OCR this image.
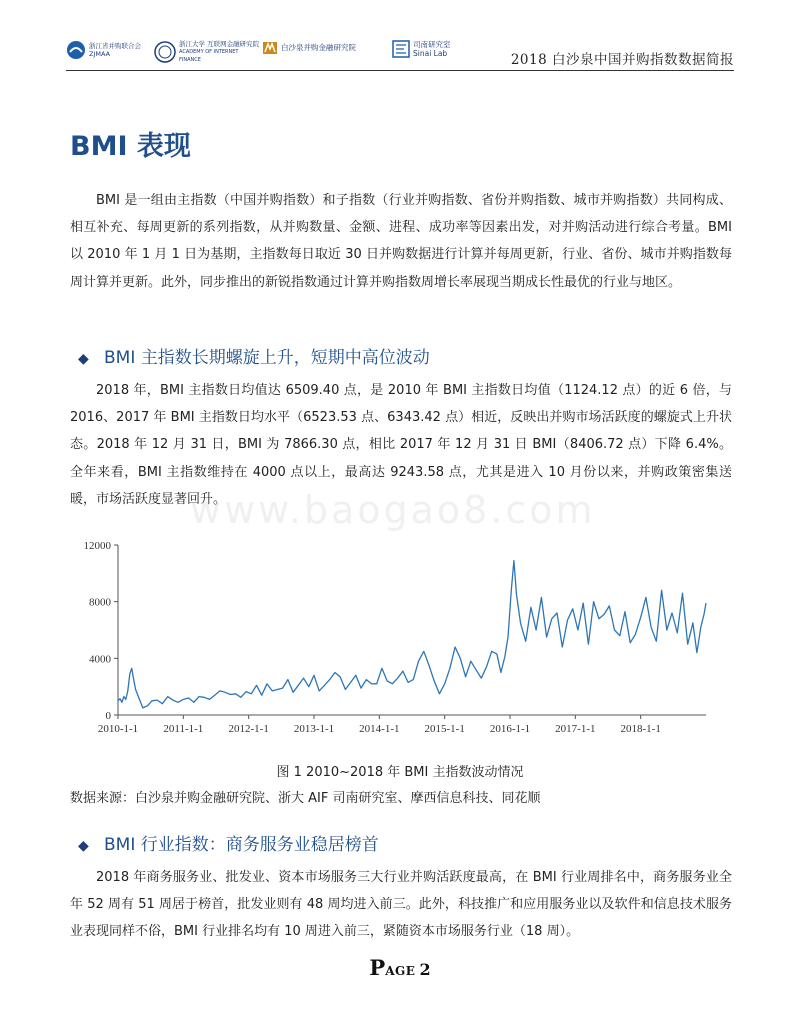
浙江省并购联合会
ZJMAA
浙江大学 互联网金融研究院
ACADEMY OF INTERNET FINANCE
白沙泉并购金融研究院	司南研究室
Sinai Lab	2018 白沙泉中国并购指数数据简报
BMI 表现
BMI 是一组由主指数（中国并购指数）和子指数（行业并购指数、省份并购指数、城市并购指数）共同构成、相互补充、每周更新的系列指数，从并购数量、金额、进程、成功率等因素出发，对并购活动进行综合考量。BMI 以 2010 年 1 月 1 日为基期，主指数每日取近 30 日并购数据进行计算并每周更新，行业、省份、城市并购指数每周计算并更新。此外，同步推出的新锐指数通过计算并购指数周增长率展现当期成长性最优的行业与地区。
◆ BMI 主指数长期螺旋上升，短期中高位波动
2018 年，BMI 主指数日均值达 6509.40 点，是 2010 年 BMI 主指数日均值（1124.12 点）的近 6 倍，与 2016、2017 年 BMI 主指数日均水平（6523.53 点、6343.42 点）相近，反映出并购市场活跃度的螺旋式上升状态。2018 年 12 月 31 日，BMI 为 7866.30 点，相比 2017 年 12 月 31 日 BMI（8406.72 点）下降 6.4%。全年来看，BMI 主指数维持在 4000 点以上，最高达 9243.58 点，尤其是进入 10 月份以来，并购政策密集送暖，市场活跃度显著回升。
www.baogao8.com
0
4000
8000
12000
2010-1-1 2011-1-1 2012-1-1 2013-1-1 2014-1-1 2015-1-1 2016-1-1 2017-1-1 2018-1-1
图 1 2010~2018 年 BMI 主指数波动情况
数据来源：白沙泉并购金融研究院、浙大 AIF 司南研究室、摩西信息科技、同花顺
◆ BMI 行业指数：商务服务业稳居榜首
2018 年商务服务业、批发业、资本市场服务三大行业并购活跃度最高，在 BMI 行业周排名中，商务服务业全年 52 周有 51 周居于榜首，批发业则有 48 周均进入前三。此外，科技推广和应用服务业以及软件和信息技术服务业表现同样不俗，BMI 行业排名均有 10 周进入前三，紧随资本市场服务行业（18 周）。
PAGE 2
